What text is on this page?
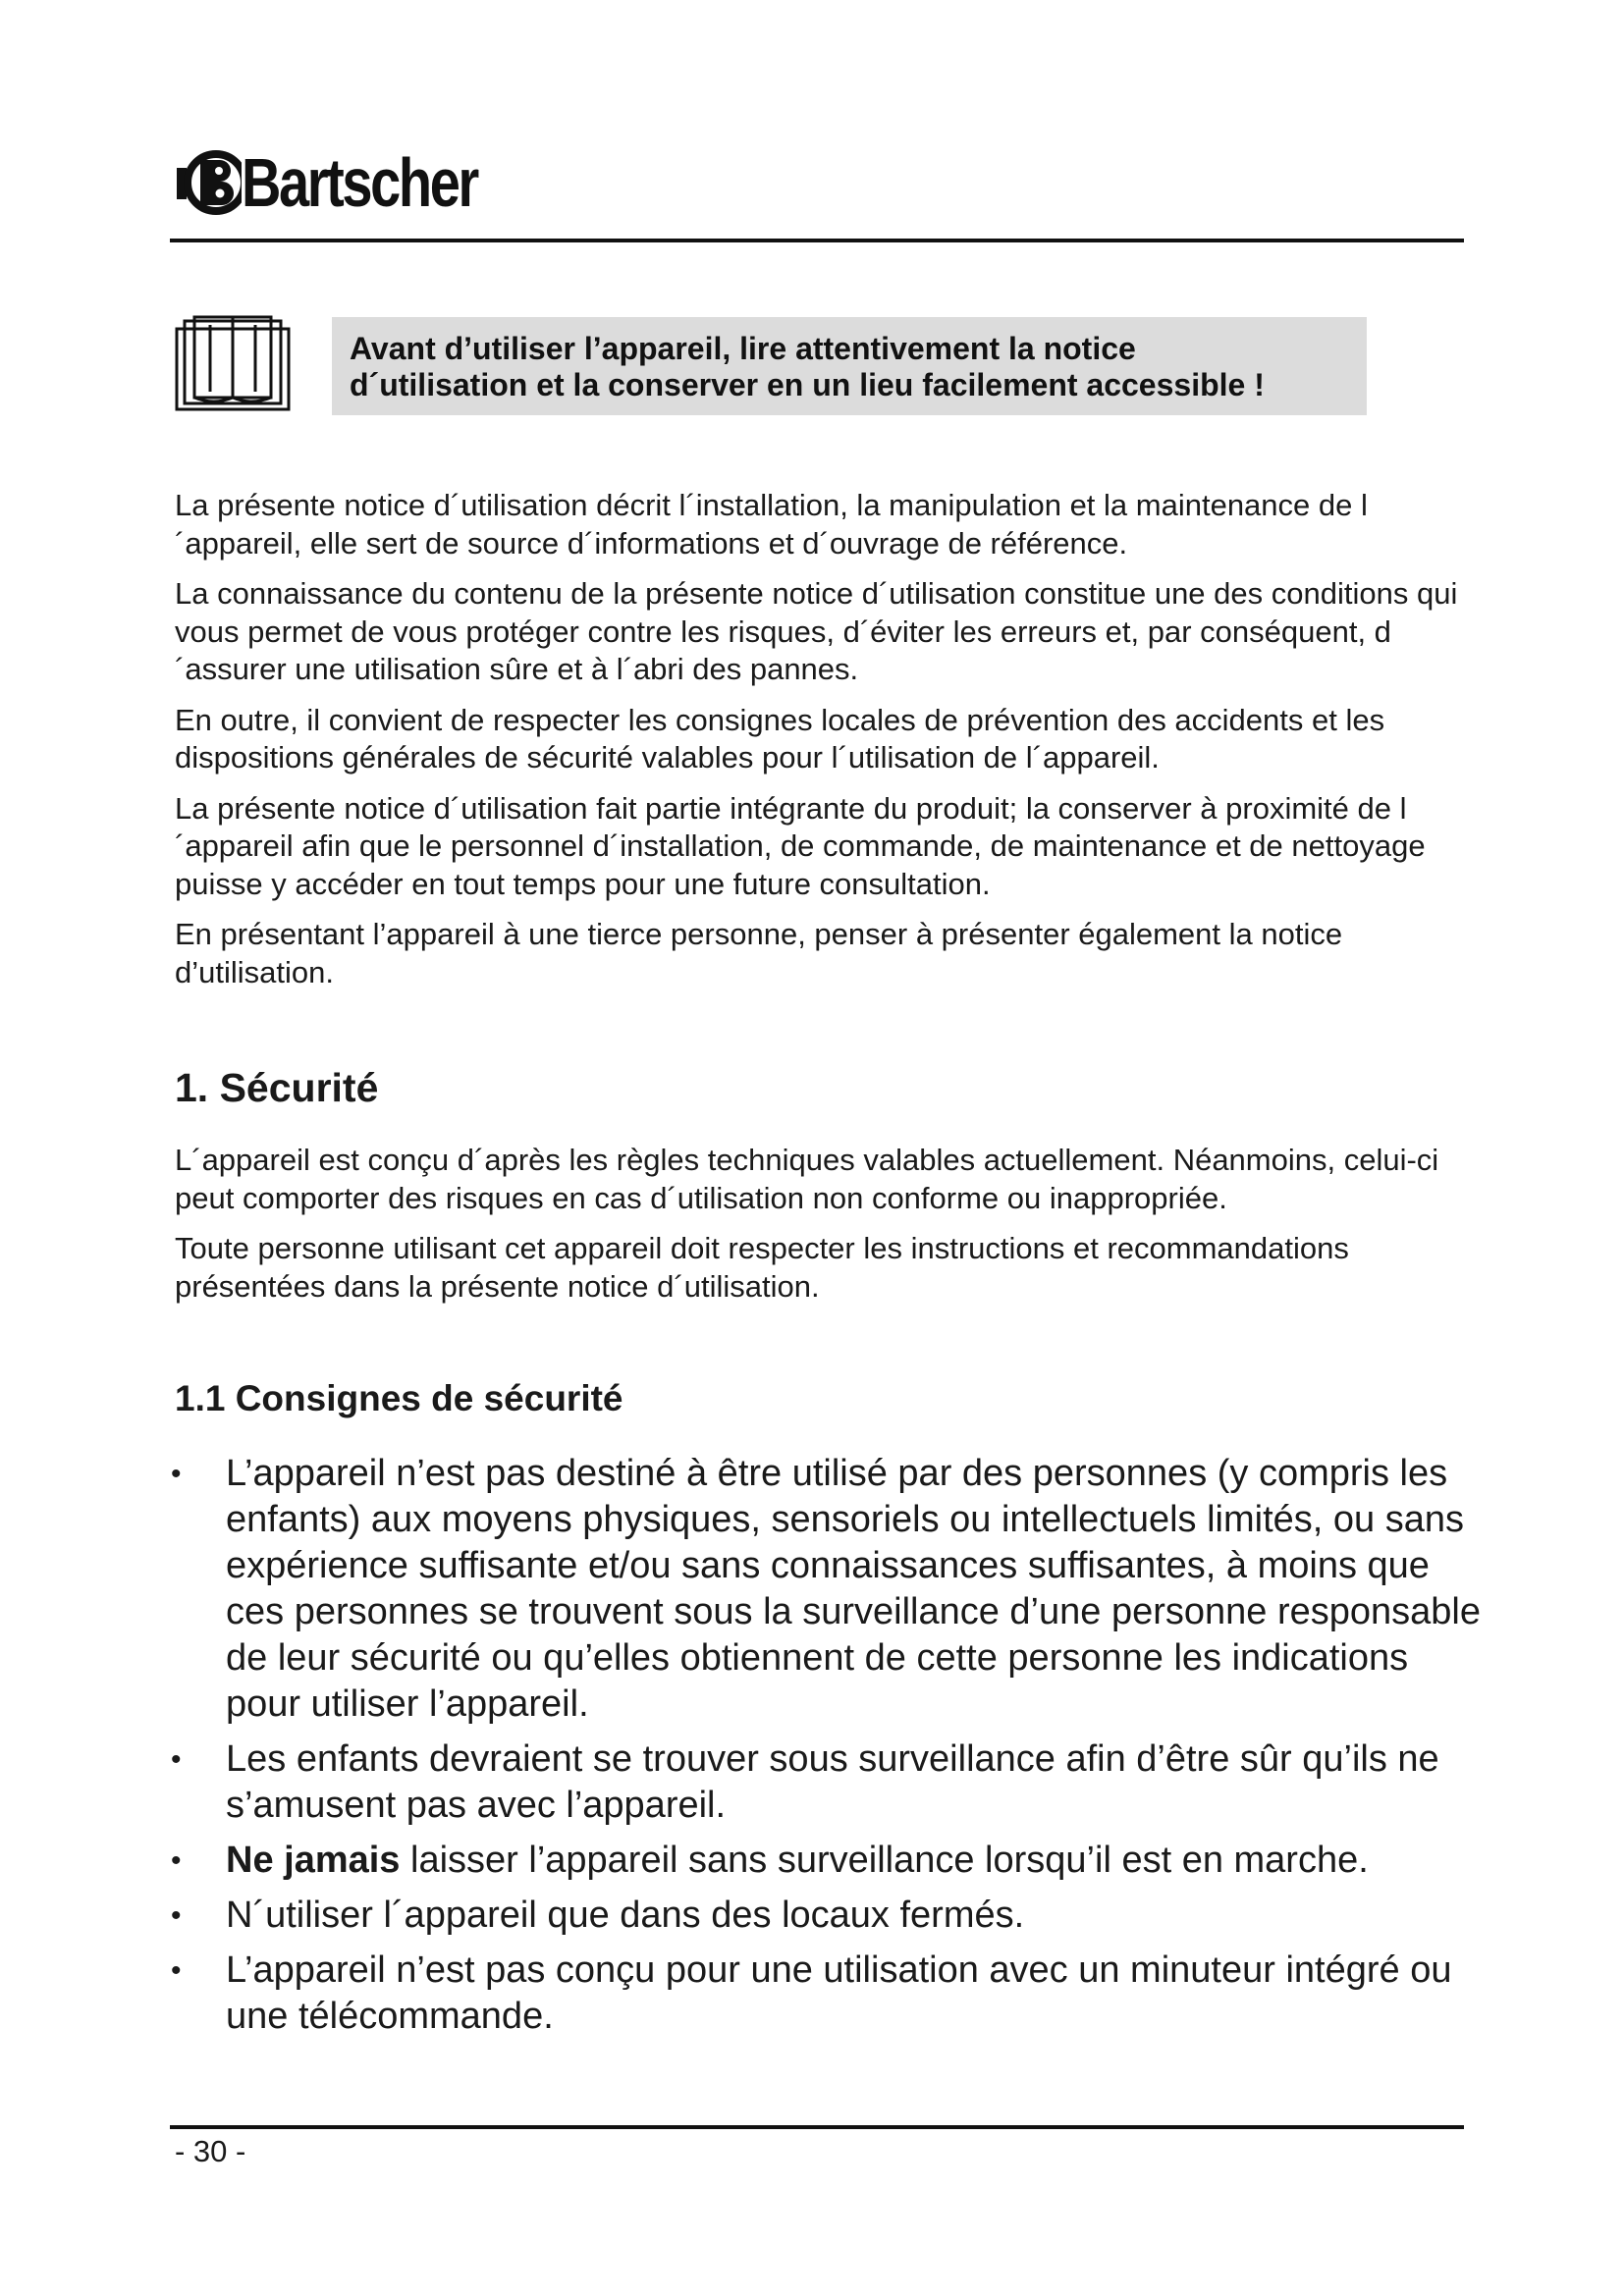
Bartscher

Avant d’utiliser l’appareil, lire attentivement la notice

d´utilisation et la conserver en un lieu facilement accessible !

La présente notice d´utilisation décrit l´installation, la manipulation et la maintenance de l´appareil, elle sert de source d´informations et d´ouvrage de référence.

La connaissance du contenu de la présente notice d´utilisation constitue une des conditions qui vous permet de vous protéger contre les risques, d´éviter les erreurs et, par conséquent, d´assurer une utilisation sûre et à l´abri des pannes.

En outre, il convient de respecter les consignes locales de prévention des accidents et les dispositions générales de sécurité valables pour l´utilisation de l´appareil.

La présente notice d´utilisation fait partie intégrante du produit; la conserver à proximité de l´appareil afin que le personnel d´installation, de commande, de maintenance et de nettoyage puisse y accéder en tout temps pour une future consultation.

En présentant l’appareil à une tierce personne, penser à présenter également la notice d’utilisation.

1. Sécurité

L´appareil est conçu d´après les règles techniques valables actuellement. Néanmoins, celui-ci peut comporter des risques en cas d´utilisation non conforme ou inappropriée.

Toute personne utilisant cet appareil doit respecter les instructions et recommandations présentées dans la présente notice d´utilisation.

1.1 Consignes de sécurité
• L’appareil n’est pas destiné à être utilisé par des personnes (y compris les enfants) aux moyens physiques, sensoriels ou intellectuels limités, ou sans expérience suffisante et/ou sans connaissances suffisantes, à moins que ces personnes se trouvent sous la surveillance d’une personne responsable de leur sécurité ou qu’elles obtiennent de cette personne les indications pour utiliser l’appareil.
• Les enfants devraient se trouver sous surveillance afin d’être sûr qu’ils ne s’amusent pas avec l’appareil.
• Ne jamais laisser l’appareil sans surveillance lorsqu’il est en marche.
• N´utiliser l´appareil que dans des locaux fermés.
• L’appareil n’est pas conçu pour une utilisation avec un minuteur intégré ou une télécommande.
- 30 -
